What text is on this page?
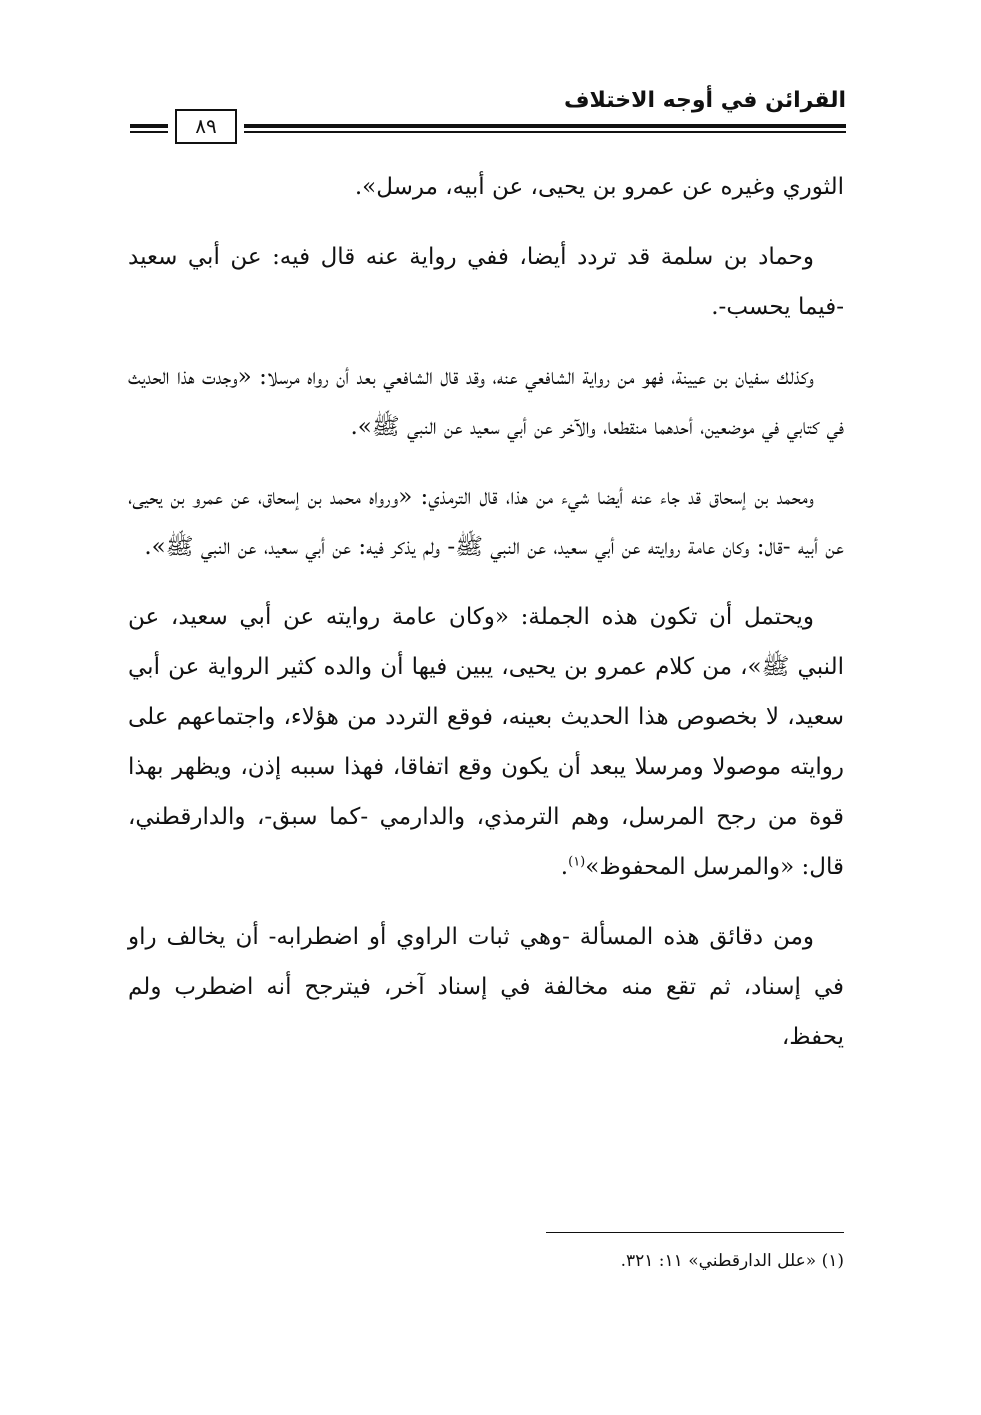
القرائن في أوجه الاختلاف
٨٩

الثوري وغيره عن عمرو بن يحيى، عن أبيه، مرسل».

وحماد بن سلمة قد تردد أيضا، ففي رواية عنه قال فيه: عن أبي سعيد -فيما يحسب-.

وكذلك سفيان بن عيينة، فهو من رواية الشافعي عنه، وقد قال الشافعي بعد أن رواه مرسلا: «وجدت هذا الحديث في كتابي في موضعين، أحدهما منقطعا، والآخر عن أبي سعيد عن النبي ﷺ».

ومحمد بن إسحاق قد جاء عنه أيضا شيء من هذا، قال الترمذي: «ورواه محمد بن إسحاق، عن عمرو بن يحيى، عن أبيه -قال: وكان عامة روايته عن أبي سعيد، عن النبي ﷺ- ولم يذكر فيه: عن أبي سعيد، عن النبي ﷺ».

ويحتمل أن تكون هذه الجملة: «وكان عامة روايته عن أبي سعيد، عن النبي ﷺ»، من كلام عمرو بن يحيى، يبين فيها أن والده كثير الرواية عن أبي سعيد، لا بخصوص هذا الحديث بعينه، فوقع التردد من هؤلاء، واجتماعهم على روايته موصولا ومرسلا يبعد أن يكون وقع اتفاقا، فهذا سببه إذن، ويظهر بهذا قوة من رجح المرسل، وهم الترمذي، والدارمي -كما سبق-، والدارقطني، قال: «والمرسل المحفوظ»$^{(١)}$.

ومن دقائق هذه المسألة -وهي ثبات الراوي أو اضطرابه- أن يخالف راو في إسناد، ثم تقع منه مخالفة في إسناد آخر، فيترجح أنه اضطرب ولم يحفظ،

(١) «علل الدارقطني» ١١: ٣٢١.
